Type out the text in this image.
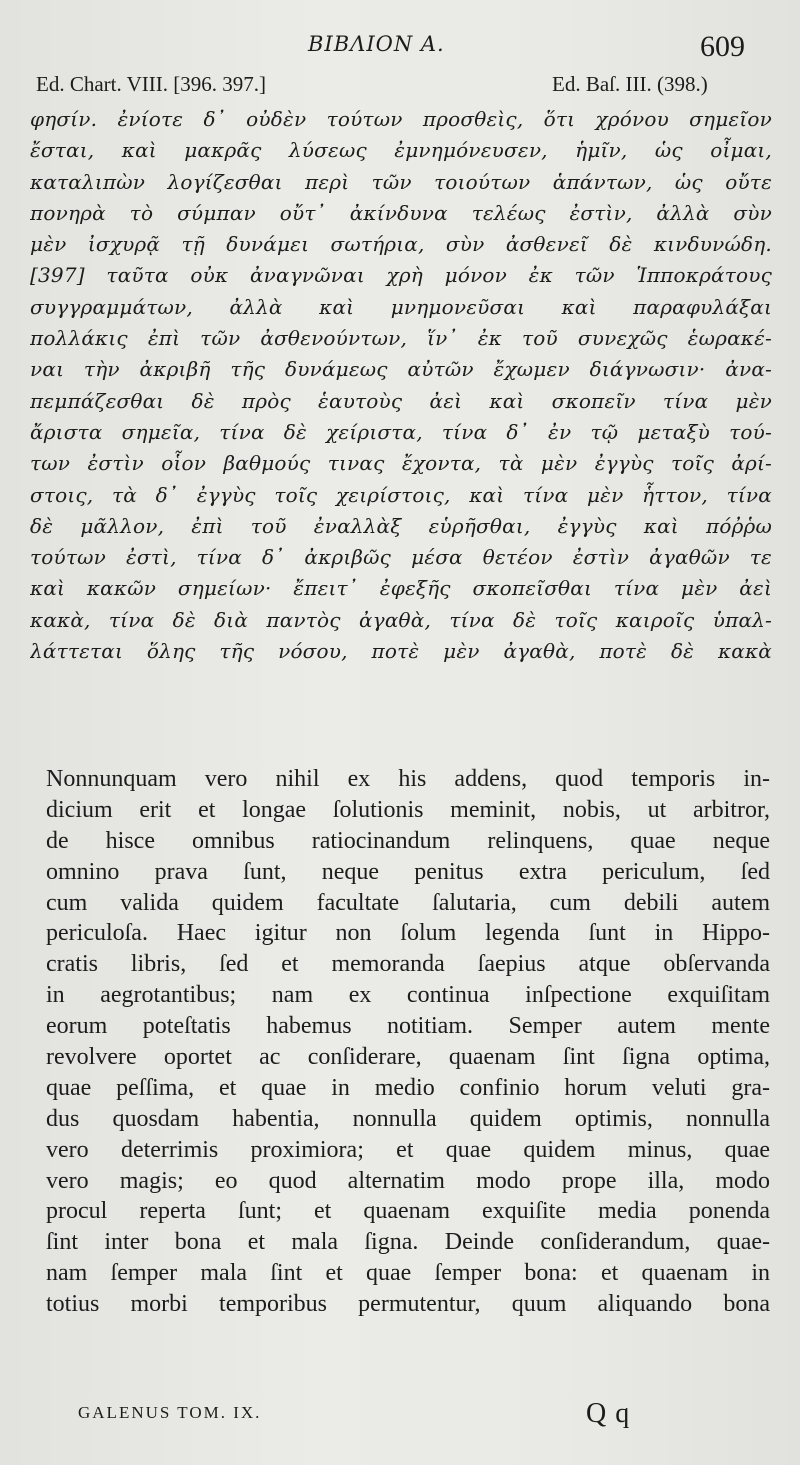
ΒΙΒΛΙΟΝ Α.	609
Ed. Chart. VIII. [396. 397.]	Ed. Baſ. III. (398.)
φησίν. ἐνίοτε δ᾽ οὐδὲν τούτων προσθεὶς, ὅτι χρόνου σημεῖον
ἔσται, καὶ μακρᾶς λύσεως ἐμνημόνευσεν, ἡμῖν, ὡς οἶμαι,
καταλιπὼν λογίζεσθαι περὶ τῶν τοιούτων ἁπάντων, ὡς οὔτε
πονηρὰ τὸ σύμπαν οὔτ᾽ ἀκίνδυνα τελέως ἐστὶν, ἀλλὰ σὺν
μὲν ἰσχυρᾷ τῇ δυνάμει σωτήρια, σὺν ἀσθενεῖ δὲ κινδυνώδη.
[397] ταῦτα οὐκ ἀναγνῶναι χρὴ μόνον ἐκ τῶν Ἱπποκράτους
συγγραμμάτων, ἀλλὰ καὶ μνημονεῦσαι καὶ παραφυλάξαι
πολλάκις ἐπὶ τῶν ἀσθενούντων, ἵν᾽ ἐκ τοῦ συνεχῶς ἑωρακέ-
ναι τὴν ἀκριβῆ τῆς δυνάμεως αὐτῶν ἔχωμεν διάγνωσιν· ἀνα-
πεμπάζεσθαι δὲ πρὸς ἑαυτοὺς ἀεὶ καὶ σκοπεῖν τίνα μὲν
ἄριστα σημεῖα, τίνα δὲ χείριστα, τίνα δ᾽ ἐν τῷ μεταξὺ τού-
των ἐστὶν οἷον βαθμούς τινας ἔχοντα, τὰ μὲν ἐγγὺς τοῖς ἀρί-
στοις, τὰ δ᾽ ἐγγὺς τοῖς χειρίστοις, καὶ τίνα μὲν ἧττον, τίνα
δὲ μᾶλλον, ἐπὶ τοῦ ἐναλλὰξ εὑρῆσθαι, ἐγγὺς καὶ πόῤῥω
τούτων ἐστὶ, τίνα δ᾽ ἀκριβῶς μέσα θετέον ἐστὶν ἀγαθῶν τε
καὶ κακῶν σημείων· ἔπειτ᾽ ἐφεξῆς σκοπεῖσθαι τίνα μὲν ἀεὶ
κακὰ, τίνα δὲ διὰ παντὸς ἀγαθὰ, τίνα δὲ τοῖς καιροῖς ὑπαλ-
λάττεται ὅλης τῆς νόσου, ποτὲ μὲν ἀγαθὰ, ποτὲ δὲ κακὰ
Nonnunquam vero nihil ex his addens, quod temporis in-
dicium erit et longae ſolutionis meminit, nobis, ut arbitror,
de hisce omnibus ratiocinandum relinquens, quae neque
omnino prava ſunt, neque penitus extra periculum, ſed
cum valida quidem facultate ſalutaria, cum debili autem
periculoſa. Haec igitur non ſolum legenda ſunt in Hippo-
cratis libris, ſed et memoranda ſaepius atque obſervanda
in aegrotantibus; nam ex continua inſpectione exquiſitam
eorum poteſtatis habemus notitiam. Semper autem mente
revolvere oportet ac conſiderare, quaenam ſint ſigna optima,
quae peſſima, et quae in medio confinio horum veluti gra-
dus quosdam habentia, nonnulla quidem optimis, nonnulla
vero deterrimis proximiora; et quae quidem minus, quae
vero magis; eo quod alternatim modo prope illa, modo
procul reperta ſunt; et quaenam exquiſite media ponenda
ſint inter bona et mala ſigna. Deinde conſiderandum, quae-
nam ſemper mala ſint et quae ſemper bona: et quaenam in
totius morbi temporibus permutentur, quum aliquando bona
GALENUS TOM. IX.	Q q
